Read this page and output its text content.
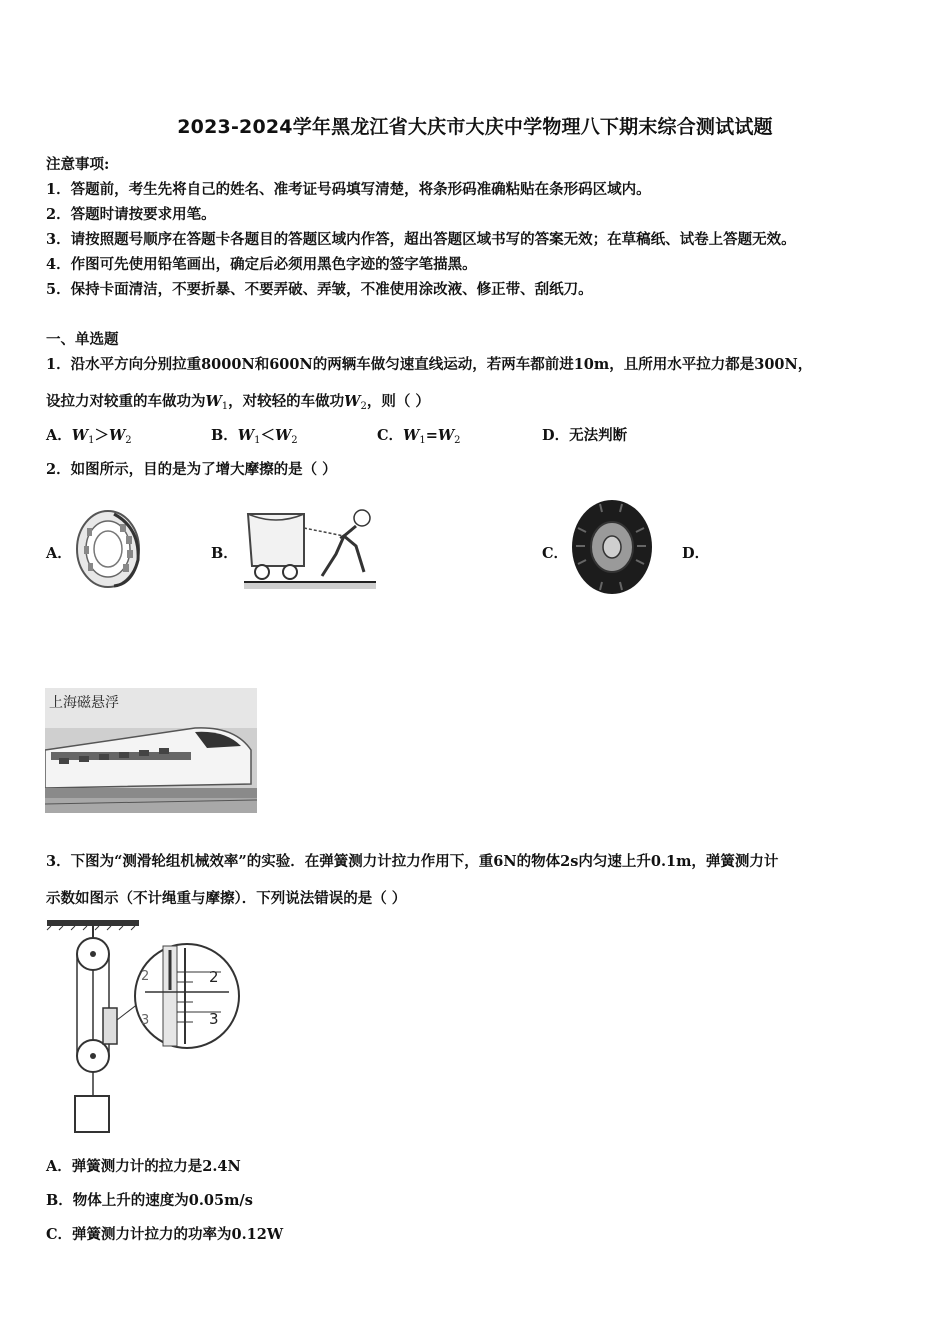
2023-2024学年黑龙江省大庆市大庆中学物理八下期末综合测试试题
注意事项:
1．答题前，考生先将自己的姓名、准考证号码填写清楚，将条形码准确粘贴在条形码区域内。
2．答题时请按要求用笔。
3．请按照题号顺序在答题卡各题目的答题区域内作答，超出答题区域书写的答案无效；在草稿纸、试卷上答题无效。
4．作图可先使用铅笔画出，确定后必须用黑色字迹的签字笔描黑。
5．保持卡面清洁，不要折暴、不要弄破、弄皱，不准使用涂改液、修正带、刮纸刀。
一、单选题
1．沿水平方向分别拉重8000N和600N的两辆车做匀速直线运动，若两车都前进10m，且所用水平拉力都是300N，
设拉力对较重的车做功为$W_1$，对较轻的车做功$W_2$，则（ ）
A．$W_1>W_2$	B．$W_1<W_2$	C．$W_1=W_2$	D．无法判断
2．如图所示，目的是为了增大摩擦的是（ ）
A．	B．	C．	D．
上海磁悬浮
3．下图为“测滑轮组机械效率”的实验．在弹簧测力计拉力作用下，重6N的物体2s内匀速上升0.1m，弹簧测力计
示数如图示（不计绳重与摩擦）．下列说法错误的是（ ）
2
3
2
3
A．弹簧测力计的拉力是2.4N
B．物体上升的速度为0.05m/s
C．弹簧测力计拉力的功率为0.12W
